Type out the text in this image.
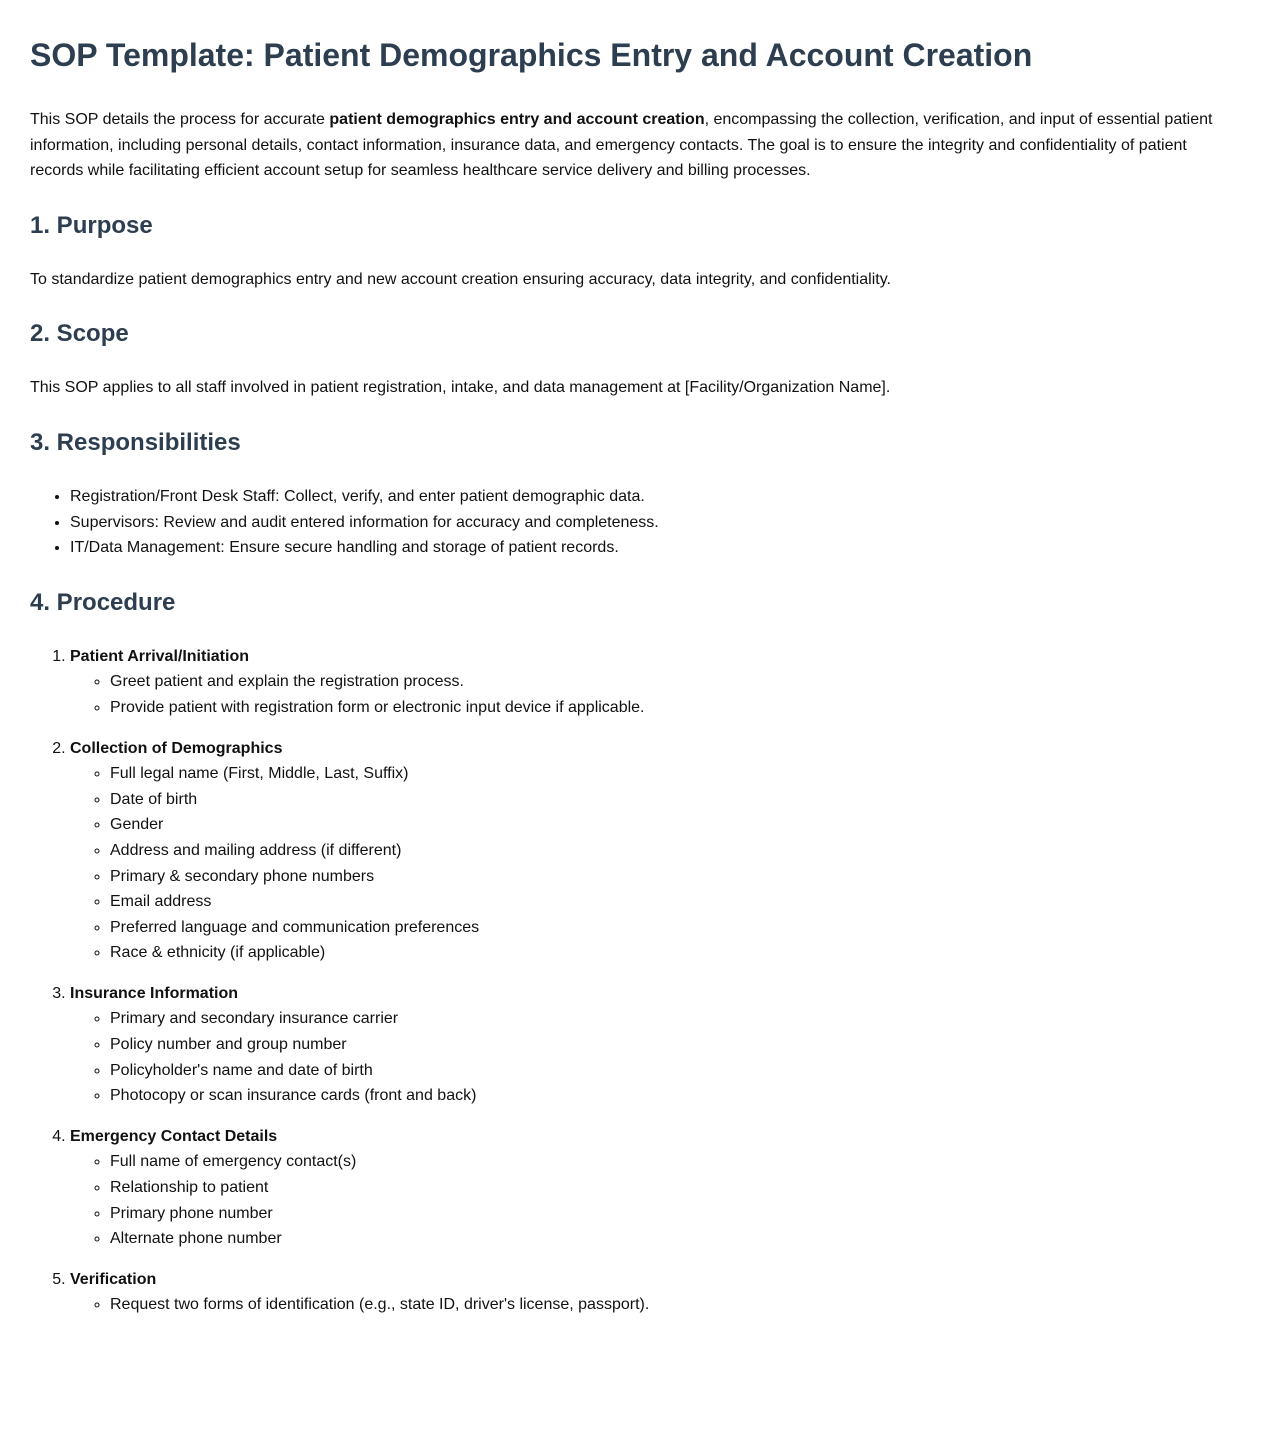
SOP Template: Patient Demographics Entry and Account Creation

This SOP details the process for accurate patient demographics entry and account creation, encompassing the collection, verification, and input of essential patient information, including personal details, contact information, insurance data, and emergency contacts. The goal is to ensure the integrity and confidentiality of patient records while facilitating efficient account setup for seamless healthcare service delivery and billing processes.

1. Purpose

To standardize patient demographics entry and new account creation ensuring accuracy, data integrity, and confidentiality.

2. Scope

This SOP applies to all staff involved in patient registration, intake, and data management at [Facility/Organization Name].

3. Responsibilities
• Registration/Front Desk Staff: Collect, verify, and enter patient demographic data.
• Supervisors: Review and audit entered information for accuracy and completeness.
• IT/Data Management: Ensure secure handling and storage of patient records.
4. Procedure
1. Patient Arrival/Initiation
◦ Greet patient and explain the registration process.
◦ Provide patient with registration form or electronic input device if applicable.
2. Collection of Demographics
◦ Full legal name (First, Middle, Last, Suffix)
◦ Date of birth
◦ Gender
◦ Address and mailing address (if different)
◦ Primary & secondary phone numbers
◦ Email address
◦ Preferred language and communication preferences
◦ Race & ethnicity (if applicable)
3. Insurance Information
◦ Primary and secondary insurance carrier
◦ Policy number and group number
◦ Policyholder's name and date of birth
◦ Photocopy or scan insurance cards (front and back)
4. Emergency Contact Details
◦ Full name of emergency contact(s)
◦ Relationship to patient
◦ Primary phone number
◦ Alternate phone number
5. Verification
◦ Request two forms of identification (e.g., state ID, driver's license, passport).
